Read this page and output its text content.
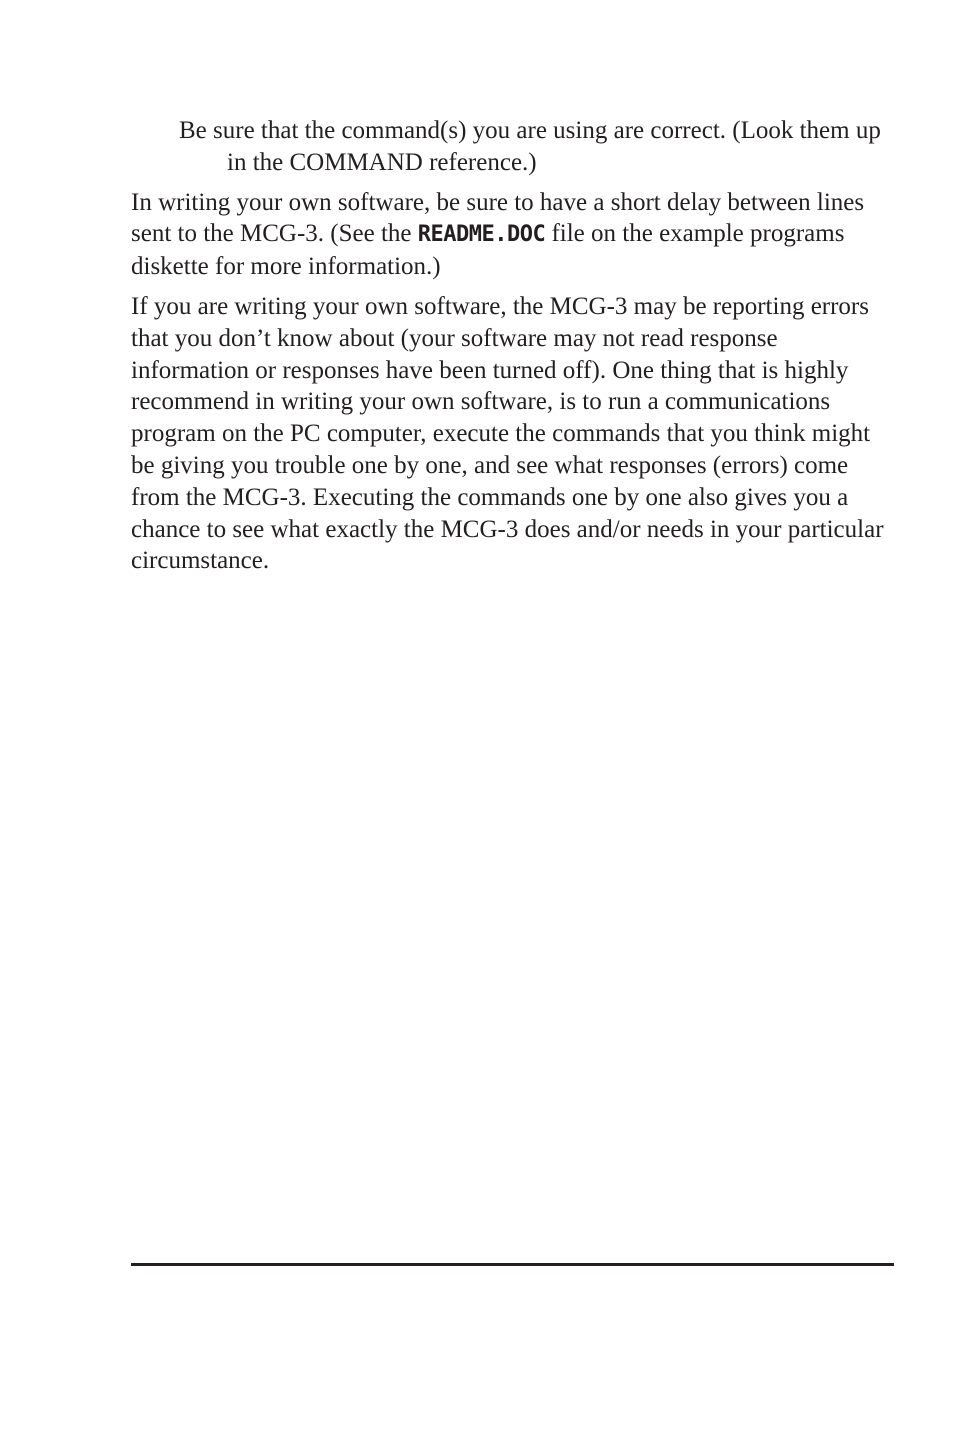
Be sure that the command(s) you are using are correct. (Look them up in the COMMAND reference.)

In writing your own software, be sure to have a short delay between lines sent to the MCG-3. (See the README.DOC file on the example programs diskette for more information.)

If you are writing your own software, the MCG-3 may be reporting errors that you don’t know about (your software may not read response information or responses have been turned off). One thing that is highly recommend in writing your own software, is to run a communications program on the PC computer, execute the commands that you think might be giving you trouble one by one, and see what responses (errors) come from the MCG-3. Executing the commands one by one also gives you a chance to see what exactly the MCG-3 does and/or needs in your particular circumstance.
